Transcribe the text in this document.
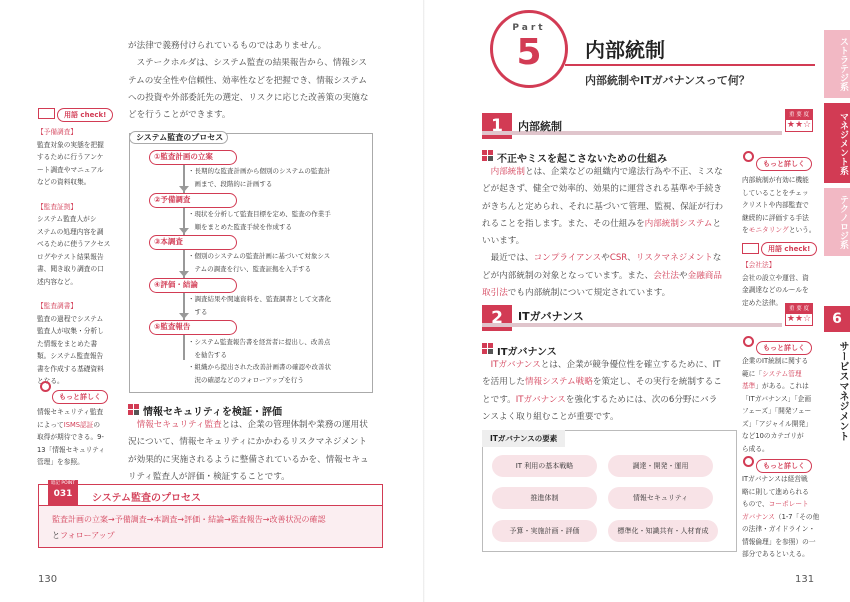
が法律で義務付けられているものではありません。
　ステークホルダは、システム監査の結果報告から、情報シス
テムの安全性や信頼性、効率性などを把握でき、情報システム
への投資や外部委託先の選定、リスクに応じた改善策の実施な
どを行うことができます。
用語 check!
【予備調査】
監査対象の実態を把握
するために行うアンケ
ート調査やマニュアル
などの資料収集。
【監査証拠】
システム監査人がシ
ステムの処理内容を調
べるために使うアクセス
ログやテスト結果報告
書、聞き取り調査の口
述内容など。
【監査調書】
監査の過程でシステム
監査人が収集・分析し
た情報をまとめた書
類。システム監査報告
書を作成する基礎資料
となる。
もっと詳しく
情報セキュリティ監査
によってISMS認証の
取得が期待できる。9-
13「情報セキュリティ
管理」を参照。
システム監査のプロセス
①監査計画の立案
・長期的な監査計画から個別のシステムの監査計
　画まで、段階的に計画する
②予備調査
・現状を分析して監査目標を定め、監査の作業手
　順をまとめた監査手続を作成する
③本調査
・個別のシステムの監査計画に基づいて対象シス
　テムの調査を行い、監査証拠を入手する
④評価・結論
・調査結果や関連資料を、監査調書として文書化
　する
⑤監査報告
・システム監査報告書を経営者に提出し、改善点
　を勧告する
・組織から提出された改善計画書の確認や改善状
　況の確認などのフォローアップを行う
情報セキュリティを検証・評価
　情報セキュリティ監査とは、企業の管理体制や業務の運用状
況について、情報セキュリティにかかわるリスクマネジメント
が効果的に実施されるように整備されているかを、情報セキュ
リティ監査人が評価・検証することです。
暗記 POINT
031	システム監査のプロセス
監査計画の立案→予備調査→本調査→評価・結論→監査報告→改善状況の確認
とフォローアップ
130
Part
5	内部統制
内部統制やITガバナンスって何？
1	内部統制
重 要 度
★★☆
不正やミスを起こさないための仕組み
　内部統制とは、企業などの組織内で違法行為や不正、ミスな
どが起きず、健全で効率的、効果的に運営される基準や手続き
がきちんと定められ、それに基づいて管理、監視、保証が行わ
れることを指します。また、その仕組みを内部統制システムと
いいます。
　最近では、コンプライアンスやCSR、リスクマネジメントな
どが内部統制の対象となっています。また、会社法や金融商品
取引法でも内部統制について規定されています。
2	ITガバナンス
重 要 度
★★☆
ITガバナンス
　ITガバナンスとは、企業が競争優位性を確立するために、IT
を活用した情報システム戦略を策定し、その実行を統制するこ
とです。ITガバナンスを強化するためには、次の6分野にバラ
ンスよく取り組むことが重要です。
ITガバナンスの要素
IT 利用の基本戦略	調達・開発・運用
推進体制	情報セキュリティ
予算・実施計画・評価	標準化・知識共有・人材育成
もっと詳しく
内部統制が有効に機能
していることをチェッ
クリストや内部監査で
継続的に評価する手法
をモニタリングという。
用語 check!
【会社法】
会社の設立や運営、資
金調達などのルールを
定めた法律。
もっと詳しく
企業のIT統制に関する
範に「システム管理
基準」がある。これは
「ITガバナンス」「企画
フェーズ」「開発フェー
ズ」「アジャイル開発」
など10のカテゴリが
ら成る。
もっと詳しく
ITガバナンスは経営戦
略に則して進められる
もので、コーポレート
ガバナンス（1-7「その他
の法律・ガイドライン・
情報倫理」を参照）の一
部分であるといえる。
ストラテジ系
マネジメント系
テクノロジ系
6
サービスマネジメント
131
